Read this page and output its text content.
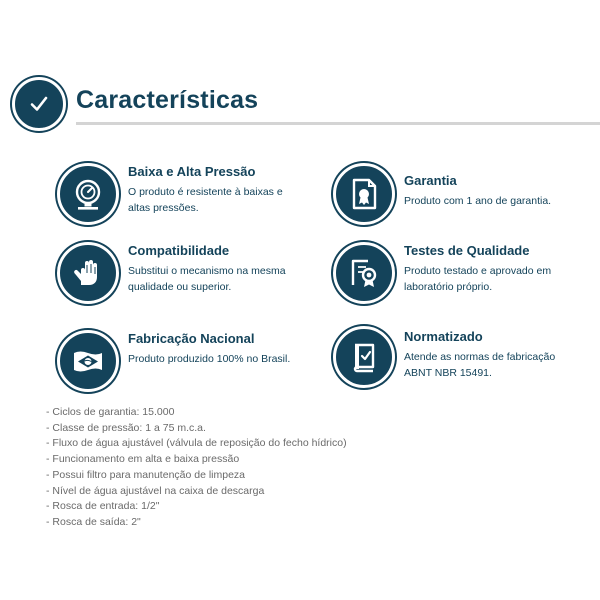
Características
Baixa e Alta Pressão
O produto é resistente à baixas e altas pressões.
Garantia
Produto com 1 ano de garantia.
Compatibilidade
Substitui o mecanismo na mesma qualidade ou superior.
Testes de Qualidade
Produto testado e aprovado em laboratório próprio.
Fabricação Nacional
Produto produzido 100% no Brasil.
Normatizado
Atende as normas de fabricação ABNT NBR 15491.
- Ciclos de garantia: 15.000
- Classe de pressão: 1 a 75 m.c.a.
- Fluxo de água ajustável (válvula de reposição do fecho hídrico)
- Funcionamento em alta e baixa pressão
- Possui filtro para manutenção de limpeza
- Nível de água ajustável na caixa de descarga
- Rosca de entrada: 1/2"
- Rosca de saída: 2"
